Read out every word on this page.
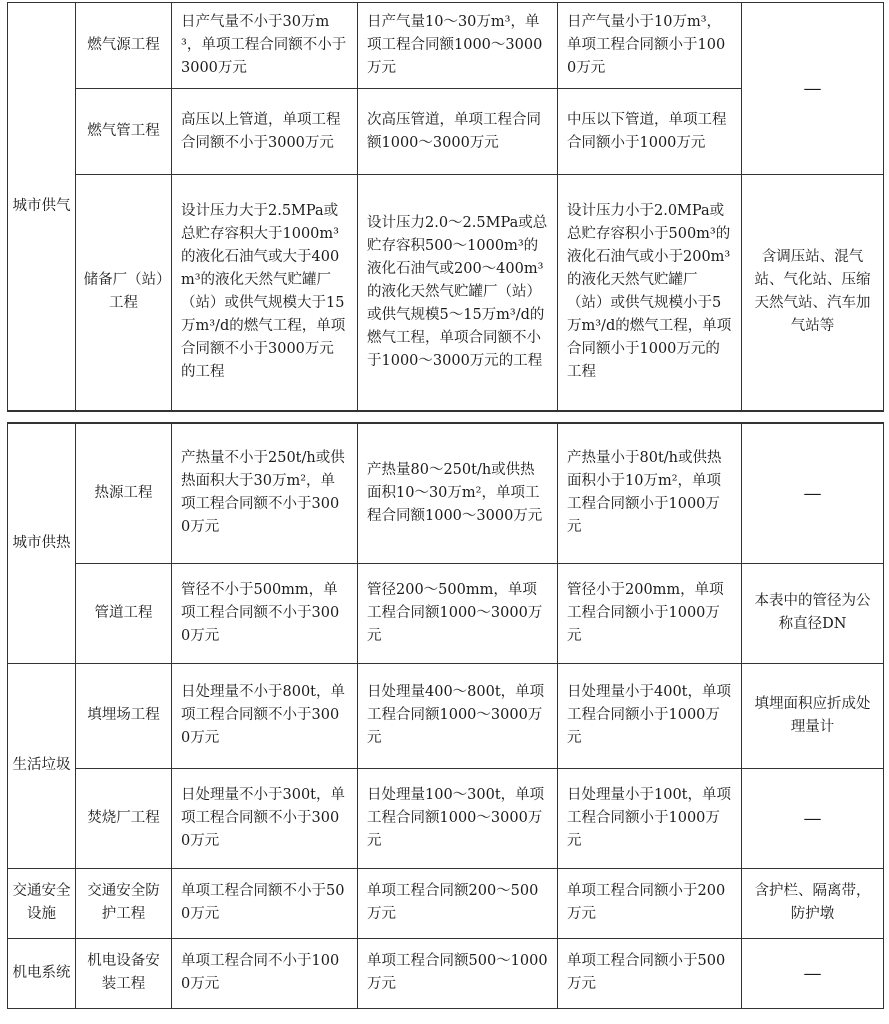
城市供气	燃气源工程	日产气量不小于30万m³，单项工程合同额不小于3000万元	日产气量10～30万m³，单项工程合同额1000～3000万元	日产气量小于10万m³，单项工程合同额小于1000万元	—
	燃气管工程	高压以上管道，单项工程合同额不小于3000万元	次高压管道，单项工程合同额1000～3000万元	中压以下管道，单项工程合同额小于1000万元	
	储备厂（站）工程	设计压力大于2.5MPa或总贮存容积大于1000m³的液化石油气或大于400m³的液化天然气贮罐厂（站）或供气规模大于15万m³/d的燃气工程，单项合同额不小于3000万元的工程	设计压力2.0～2.5MPa或总贮存容积500～1000m³的液化石油气或200～400m³的液化天然气贮罐厂（站）或供气规模5～15万m³/d的燃气工程，单项合同额不小于1000～3000万元的工程	设计压力小于2.0MPa或总贮存容积小于500m³的液化石油气或小于200m³的液化天然气贮罐厂（站）或供气规模小于5万m³/d的燃气工程，单项合同额小于1000万元的工程	含调压站、混气站、气化站、压缩天然气站、汽车加气站等
城市供热	热源工程	产热量不小于250t/h或供热面积大于30万m²，单项工程合同额不小于3000万元	产热量80～250t/h或供热面积10～30万m²，单项工程合同额1000～3000万元	产热量小于80t/h或供热面积小于10万m²，单项工程合同额小于1000万元	—
	管道工程	管径不小于500mm，单项工程合同额不小于3000万元	管径200～500mm，单项工程合同额1000～3000万元	管径小于200mm，单项工程合同额小于1000万元	本表中的管径为公称直径DN
生活垃圾	填埋场工程	日处理量不小于800t，单项工程合同额不小于3000万元	日处理量400～800t，单项工程合同额1000～3000万元	日处理量小于400t，单项工程合同额小于1000万元	填埋面积应折成处理量计
	焚烧厂工程	日处理量不小于300t，单项工程合同额不小于3000万元	日处理量100～300t，单项工程合同额1000～3000万元	日处理量小于100t，单项工程合同额小于1000万元	—
交通安全设施	交通安全防护工程	单项工程合同额不小于500万元	单项工程合同额200～500万元	单项工程合同额小于200万元	含护栏、隔离带，防护墩
机电系统	机电设备安装工程	单项工程合同不小于1000万元	单项工程合同额500～1000万元	单项工程合同额小于500万元	—
